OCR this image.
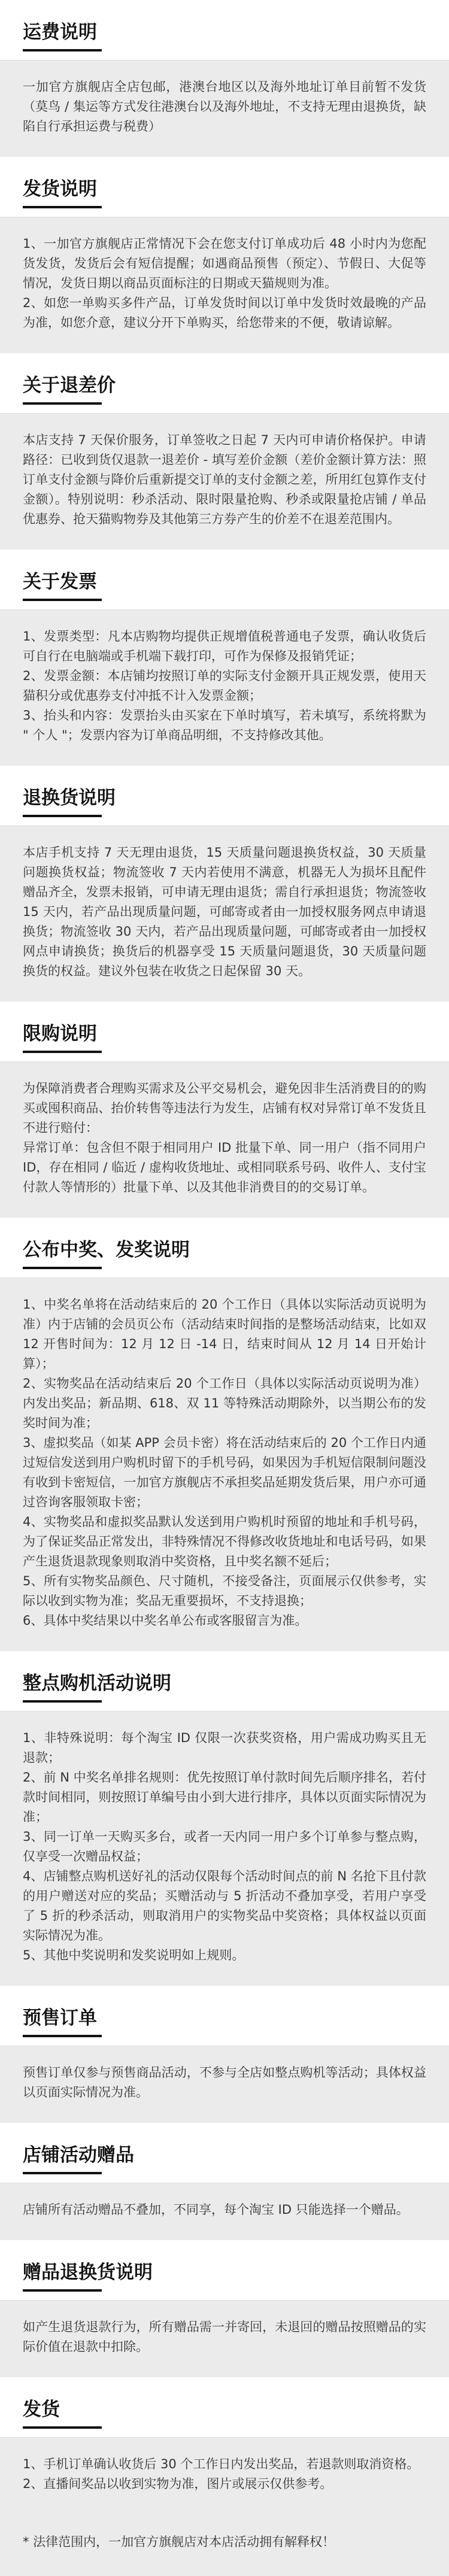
运费说明

一加官方旗舰店全店包邮，港澳台地区以及海外地址订单目前暂不发货（莫鸟 / 集运等方式发往港澳台以及海外地址，不支持无理由退换货，缺陷自行承担运费与税费）

发货说明

1、一加官方旗舰店正常情况下会在您支付订单成功后 48 小时内为您配货发货，发货后会有短信提醒；如遇商品预售（预定）、节假日、大促等情况，发货日期以商品页面标注的日期或天猫规则为准。

2、如您一单购买多件产品，订单发货时间以订单中发货时效最晚的产品为准，如您介意，建议分开下单购买，给您带来的不便，敬请谅解。

关于退差价

本店支持 7 天保价服务，订单签收之日起 7 天内可申请价格保护。申请路径：已收到货仅退款一退差价 - 填写差价金额（差价金额计算方法：照订单支付金额与降价后重新提交订单的支付金额之差，所用红包算作支付金额）。特别说明：秒杀活动、限时限量抢购、秒杀或限量抢店铺 / 单品优惠券、抢天猫购物券及其他第三方券产生的价差不在退差范围内。

关于发票

1、发票类型：凡本店购物均提供正规增值税普通电子发票，确认收货后可自行在电脑端或手机端下载打印，可作为保修及报销凭证；

2、发票金额：本店铺均按照订单的实际支付金额开具正规发票，使用天猫积分或优惠券支付冲抵不计入发票金额；

3、抬头和内容：发票抬头由买家在下单时填写，若未填写，系统将默为 " 个人 "；发票内容为订单商品明细，不支持修改其他。

退换货说明

本店手机支持 7 天无理由退货，15 天质量问题退换货权益，30 天质量问题换货权益；物流签收 7 天内若使用不满意，机器无人为损坏且配件赠品齐全，发票未报销，可申请无理由退货；需自行承担退货；物流签收 15 天内，若产品出现质量问题，可邮寄或者由一加授权服务网点申请退换货；物流签收 30 天内，若产品出现质量问题，可邮寄或者由一加授权网点申请换货；换货后的机器享受 15 天质量问题退货，30 天质量问题换货的权益。建议外包装在收货之日起保留 30 天。

限购说明

为保障消费者合理购买需求及公平交易机会，避免因非生活消费目的的购买或囤积商品、抬价转售等违法行为发生，店铺有权对异常订单不发货且不进行赔付：

异常订单：包含但不限于相同用户 ID 批量下单、同一用户（指不同用户 ID，存在相同 / 临近 / 虚构收货地址、或相同联系号码、收件人、支付宝付款人等情形的）批量下单、以及其他非消费目的的交易订单。

公布中奖、发奖说明

1、中奖名单将在活动结束后的 20 个工作日（具体以实际活动页说明为准）内于店铺的会员页公布（活动结束时间指的是整场活动结束，比如双 12 开售时间为：12 月 12 日 -14 日，结束时间从 12 月 14 日开始计算）；

2、实物奖品在活动结束后 20 个工作日（具体以实际活动页说明为准）内发出奖品；新品期、618、双 11 等特殊活动期除外，以当期公布的发奖时间为准；

3、虚拟奖品（如某 APP 会员卡密）将在活动结束后的 20 个工作日内通过短信发送到用户购机时留下的手机号码，如果因为手机短信限制问题没有收到卡密短信，一加官方旗舰店不承担奖品延期发货后果，用户亦可通过咨询客服领取卡密；

4、实物奖品和虚拟奖品默认发送到用户购机时预留的地址和手机号码，为了保证奖品正常发出，非特殊情况不得修改收货地址和电话号码，如果产生退货退款现象则取消中奖资格，且中奖名额不延后；

5、所有实物奖品颜色、尺寸随机，不接受备注，页面展示仅供参考，实际以收到实物为准；奖品无重要损坏，不支持退换；

6、具体中奖结果以中奖名单公布或客服留言为准。

整点购机活动说明

1、非特殊说明：每个淘宝 ID 仅限一次获奖资格，用户需成功购买且无退款；

2、前 N 中奖名单排名规则：优先按照订单付款时间先后顺序排名，若付款时间相同，则按照订单编号由小到大进行排序，具体以页面实际情况为准；

3、同一订单一天购买多台，或者一天内同一用户多个订单参与整点购，仅享受一次赠品权益；

4、店铺整点购机送好礼的活动仅限每个活动时间点的前 N 名抢下且付款的用户赠送对应的奖品；买赠活动与 5 折活动不叠加享受，若用户享受了 5 折的秒杀活动，则取消用户的实物奖品中奖资格；具体权益以页面实际情况为准。

5、其他中奖说明和发奖说明如上规则。

预售订单

预售订单仅参与预售商品活动，不参与全店如整点购机等活动；具体权益以页面实际情况为准。

店铺活动赠品

店铺所有活动赠品不叠加，不同享，每个淘宝 ID 只能选择一个赠品。

赠品退换货说明

如产生退货退款行为，所有赠品需一并寄回，未退回的赠品按照赠品的实际价值在退款中扣除。

发货

1、手机订单确认收货后 30 个工作日内发出奖品，若退款则取消资格。

2、直播间奖品以收到实物为准，图片或展示仅供参考。

* 法律范围内，一加官方旗舰店对本店活动拥有解释权！
